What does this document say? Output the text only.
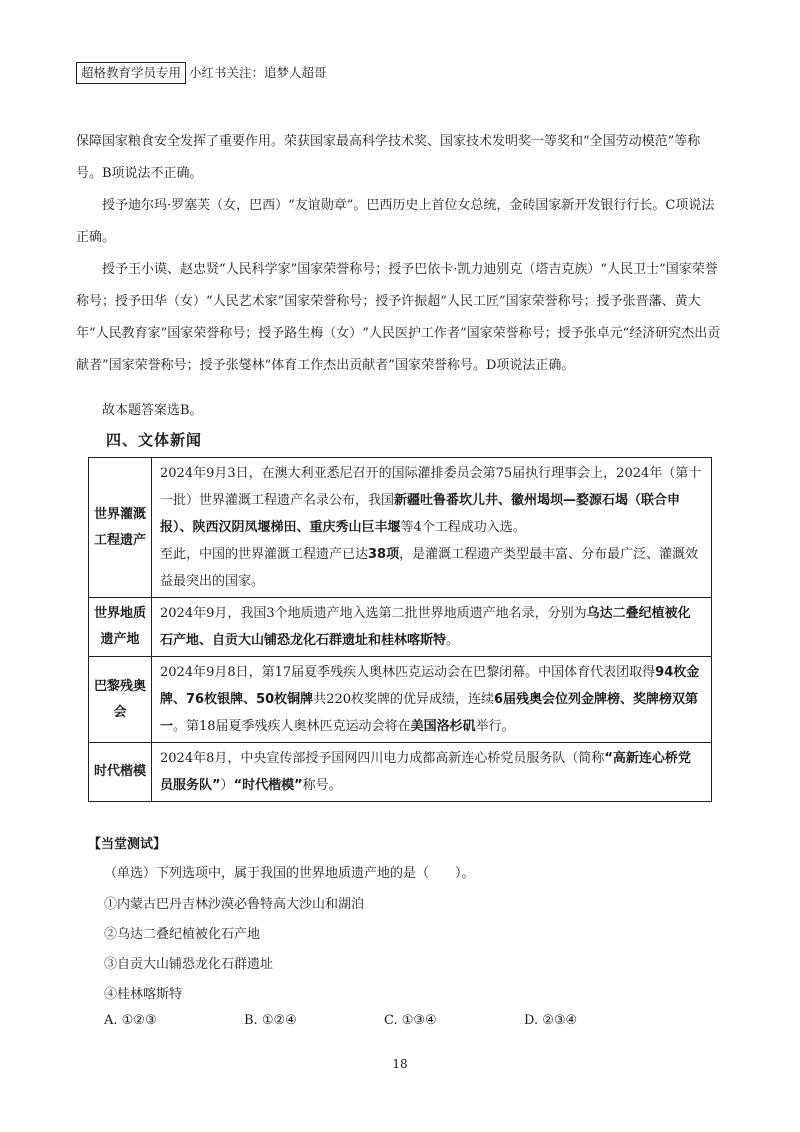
超格教育学员专用 小红书关注：追梦人超哥

保障国家粮食安全发挥了重要作用。荣获国家最高科学技术奖、国家技术发明奖一等奖和“全国劳动模范”等称号。B项说法不正确。

授予迪尔玛·罗塞芙（女，巴西）“友谊勋章”。巴西历史上首位女总统，金砖国家新开发银行行长。C项说法正确。

授予王小谟、赵忠贤“人民科学家”国家荣誉称号；授予巴依卡·凯力迪别克（塔吉克族）“人民卫士”国家荣誉称号；授予田华（女）“人民艺术家”国家荣誉称号；授予许振超“人民工匠”国家荣誉称号；授予张晋藩、黄大年“人民教育家”国家荣誉称号；授予路生梅（女）“人民医护工作者”国家荣誉称号；授予张卓元“经济研究杰出贡献者”国家荣誉称号；授予张燮林“体育工作杰出贡献者”国家荣誉称号。D项说法正确。

故本题答案选B。

四、文体新闻
世界灌溉工程遗产	2024年9月3日，在澳大利亚悉尼召开的国际灌排委员会第75届执行理事会上，2024年（第十一批）世界灌溉工程遗产名录公布，我国新疆吐鲁番坎儿井、徽州堨坝—婺源石堨（联合申报）、陕西汉阴凤堰梯田、重庆秀山巨丰堰等4个工程成功入选。
至此，中国的世界灌溉工程遗产已达38项，是灌溉工程遗产类型最丰富、分布最广泛、灌溉效益最突出的国家。
世界地质遗产地	2024年9月，我国3个地质遗产地入选第二批世界地质遗产地名录，分别为乌达二叠纪植被化石产地、自贡大山铺恐龙化石群遗址和桂林喀斯特。
巴黎残奥会	2024年9月8日，第17届夏季残疾人奥林匹克运动会在巴黎闭幕。中国体育代表团取得94枚金牌、76枚银牌、50枚铜牌共220枚奖牌的优异成绩，连续6届残奥会位列金牌榜、奖牌榜双第一。第18届夏季残疾人奥林匹克运动会将在美国洛杉矶举行。
时代楷模	2024年8月，中央宣传部授予国网四川电力成都高新连心桥党员服务队（简称“高新连心桥党员服务队”）“时代楷模”称号。
【当堂测试】
（单选）下列选项中，属于我国的世界地质遗产地的是（　　）。
①内蒙古巴丹吉林沙漠必鲁特高大沙山和湖泊
②乌达二叠纪植被化石产地
③自贡大山铺恐龙化石群遗址
④桂林喀斯特
A. ①②③	B. ①②④	C. ①③④	D. ②③④
18
